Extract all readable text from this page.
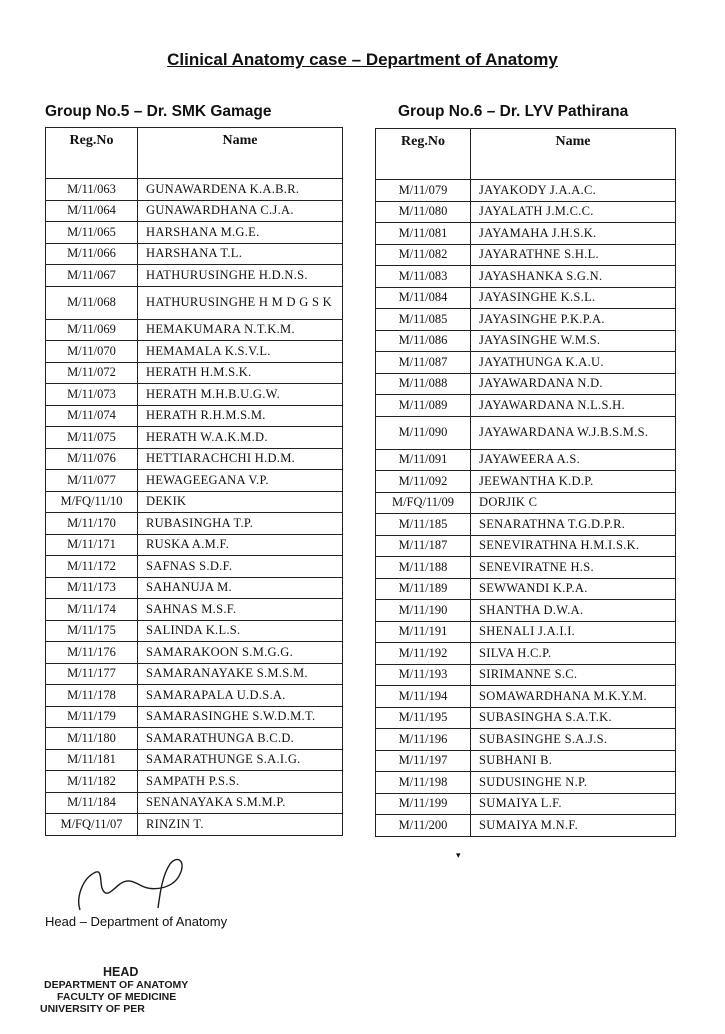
Clinical Anatomy case – Department of Anatomy
Group No.5 – Dr. SMK Gamage	Group No.6 – Dr. LYV Pathirana
Reg.No	Name
M/11/063	GUNAWARDENA K.A.B.R.
M/11/064	GUNAWARDHANA C.J.A.
M/11/065	HARSHANA M.G.E.
M/11/066	HARSHANA T.L.
M/11/067	HATHURUSINGHE H.D.N.S.
M/11/068	HATHURUSINGHE H M D G S K
M/11/069	HEMAKUMARA N.T.K.M.
M/11/070	HEMAMALA K.S.V.L.
M/11/072	HERATH H.M.S.K.
M/11/073	HERATH M.H.B.U.G.W.
M/11/074	HERATH R.H.M.S.M.
M/11/075	HERATH W.A.K.M.D.
M/11/076	HETTIARACHCHI H.D.M.
M/11/077	HEWAGEEGANA V.P.
M/FQ/11/10	DEKIK
M/11/170	RUBASINGHA T.P.
M/11/171	RUSKA A.M.F.
M/11/172	SAFNAS S.D.F.
M/11/173	SAHANUJA M.
M/11/174	SAHNAS M.S.F.
M/11/175	SALINDA K.L.S.
M/11/176	SAMARAKOON S.M.G.G.
M/11/177	SAMARANAYAKE S.M.S.M.
M/11/178	SAMARAPALA U.D.S.A.
M/11/179	SAMARASINGHE S.W.D.M.T.
M/11/180	SAMARATHUNGA B.C.D.
M/11/181	SAMARATHUNGE S.A.I.G.
M/11/182	SAMPATH P.S.S.
M/11/184	SENANAYAKA S.M.M.P.
M/FQ/11/07	RINZIN T.
Reg.No	Name
M/11/079	JAYAKODY J.A.A.C.
M/11/080	JAYALATH J.M.C.C.
M/11/081	JAYAMAHA J.H.S.K.
M/11/082	JAYARATHNE S.H.L.
M/11/083	JAYASHANKA S.G.N.
M/11/084	JAYASINGHE K.S.L.
M/11/085	JAYASINGHE P.K.P.A.
M/11/086	JAYASINGHE W.M.S.
M/11/087	JAYATHUNGA K.A.U.
M/11/088	JAYAWARDANA N.D.
M/11/089	JAYAWARDANA N.L.S.H.
M/11/090	JAYAWARDANA W.J.B.S.M.S.
M/11/091	JAYAWEERA A.S.
M/11/092	JEEWANTHA K.D.P.
M/FQ/11/09	DORJIK C
M/11/185	SENARATHNA T.G.D.P.R.
M/11/187	SENEVIRATHNA H.M.I.S.K.
M/11/188	SENEVIRATNE H.S.
M/11/189	SEWWANDI K.P.A.
M/11/190	SHANTHA D.W.A.
M/11/191	SHENALI J.A.I.I.
M/11/192	SILVA H.C.P.
M/11/193	SIRIMANNE S.C.
M/11/194	SOMAWARDHANA M.K.Y.M.
M/11/195	SUBASINGHA S.A.T.K.
M/11/196	SUBASINGHE S.A.J.S.
M/11/197	SUBHANI B.
M/11/198	SUDUSINGHE N.P.
M/11/199	SUMAIYA L.F.
M/11/200	SUMAIYA M.N.F.
▾
Head – Department of Anatomy
HEAD
DEPARTMENT OF ANATOMY
FACULTY OF MEDICINE
UNIVERSITY OF PER
